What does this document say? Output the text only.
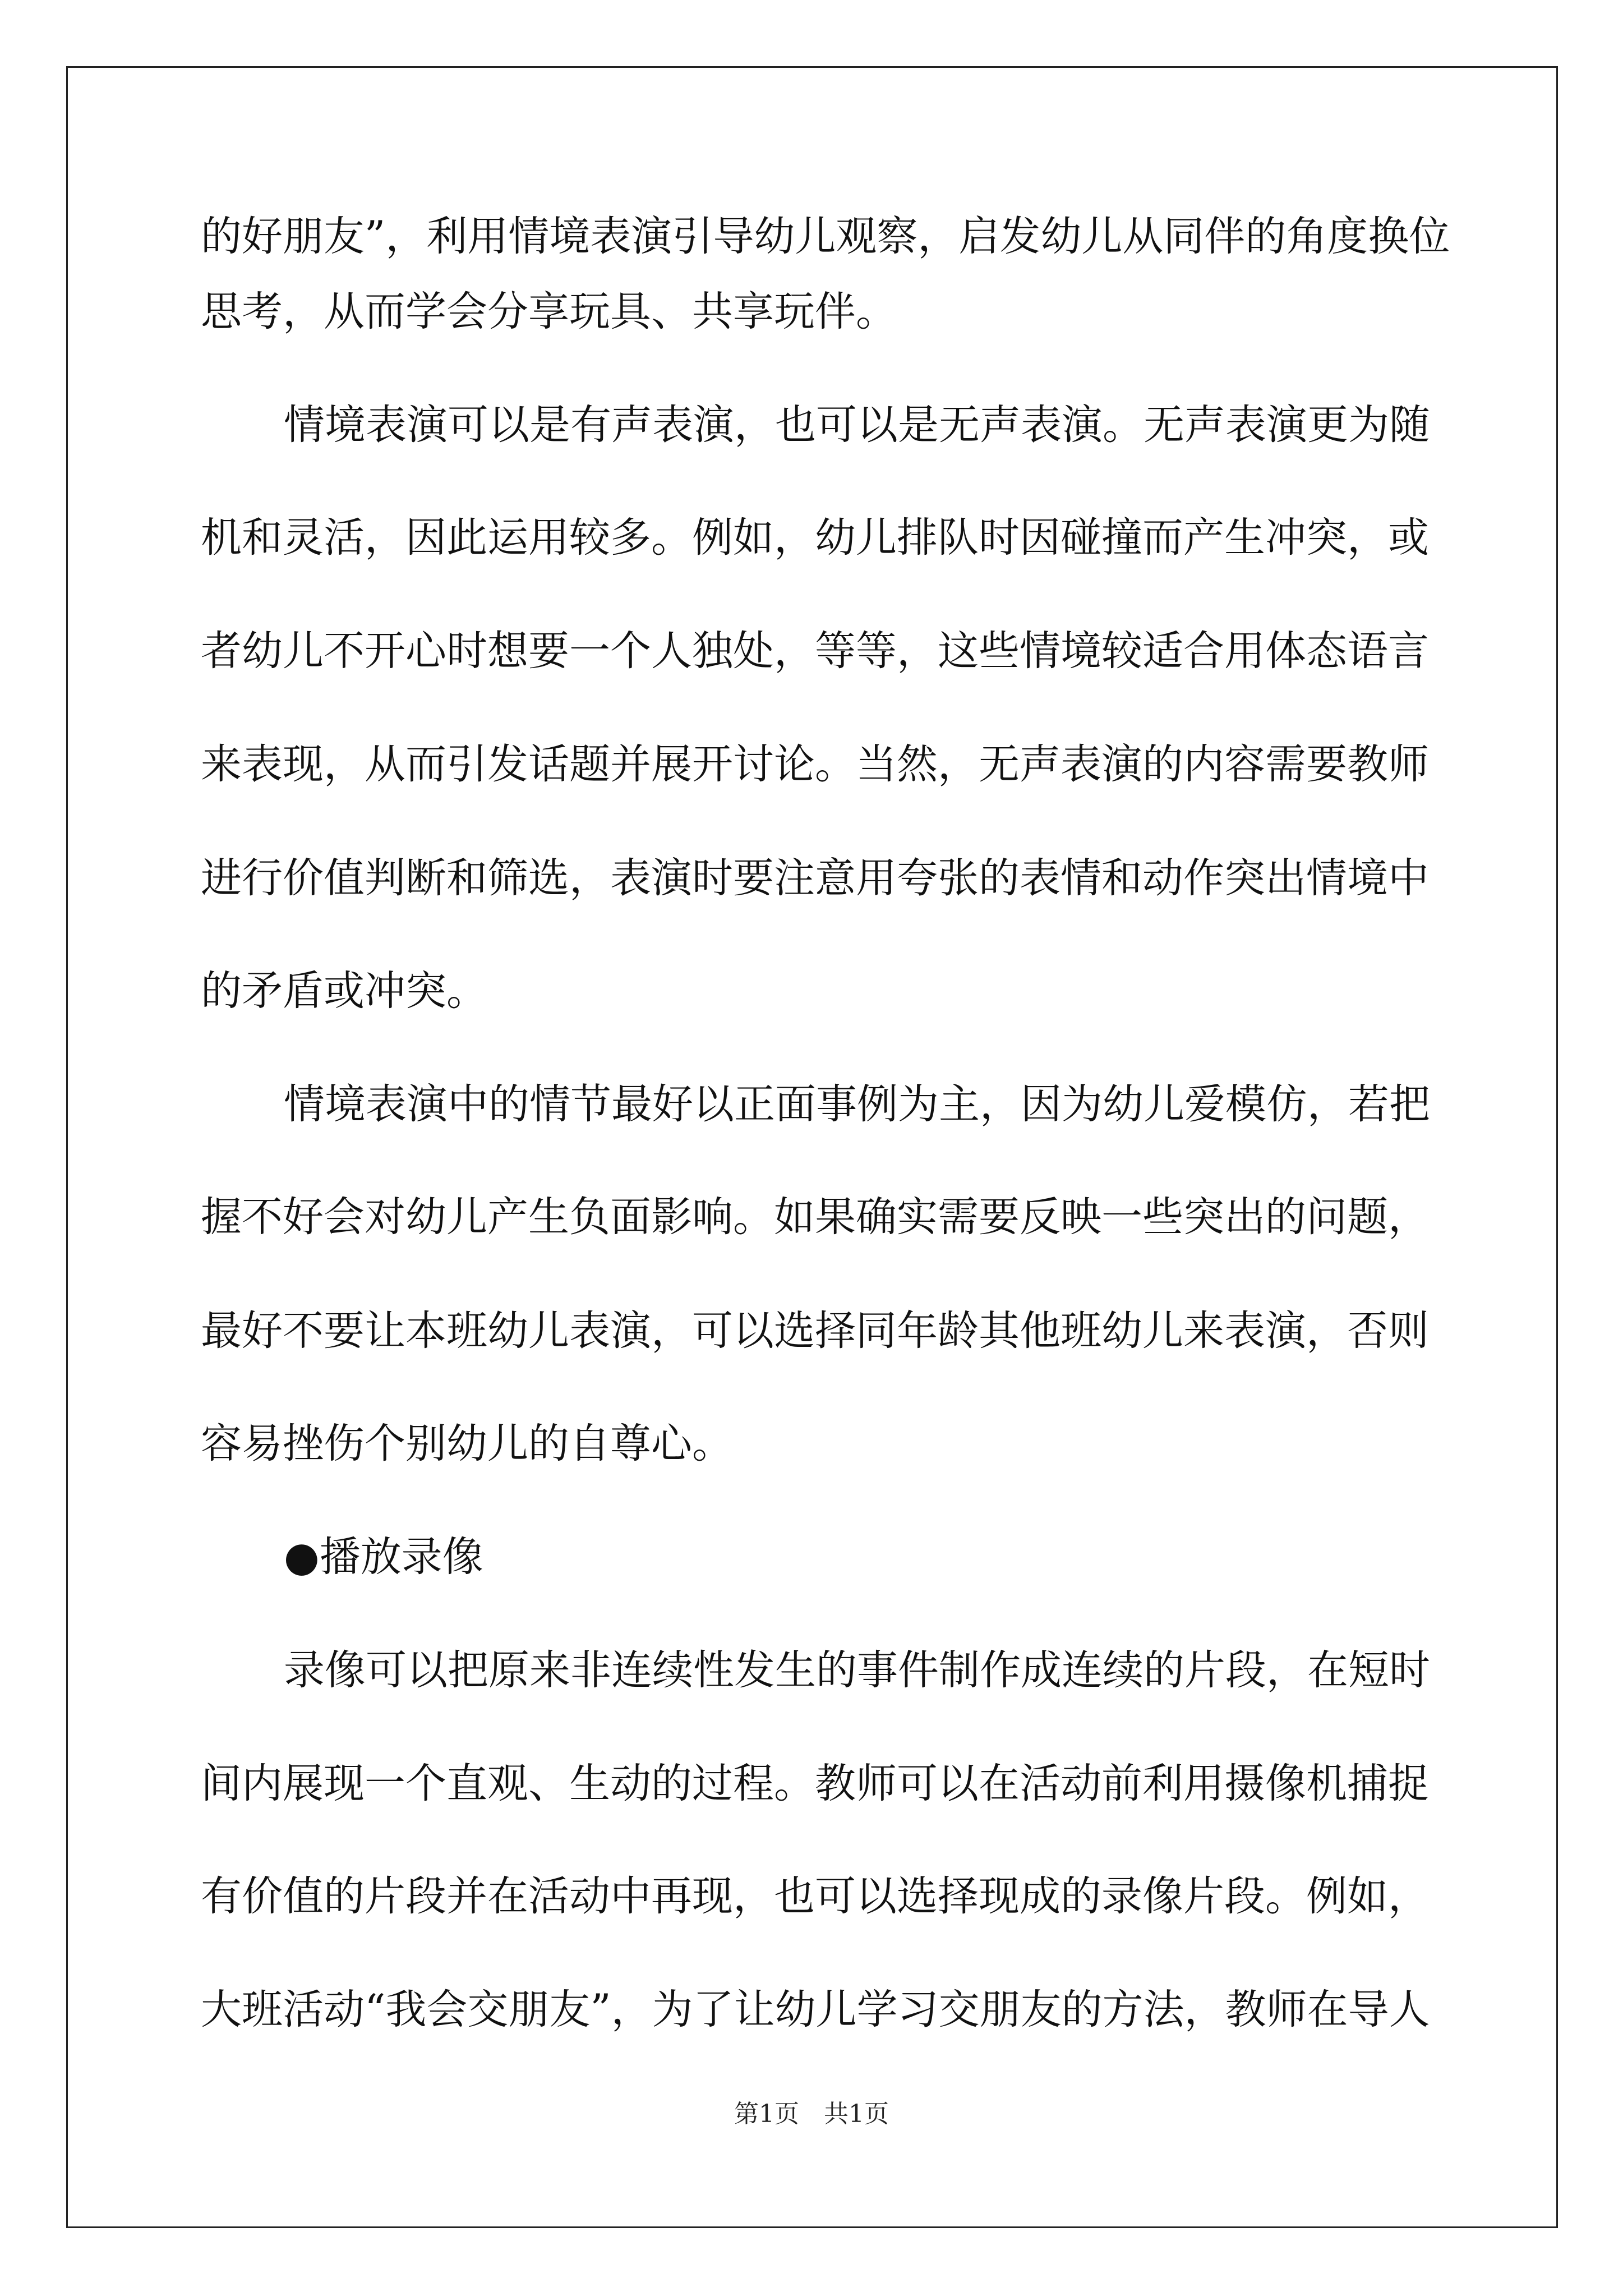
的好朋友”，利用情境表演引导幼儿观察，启发幼儿从同伴的角度换位
思考，从而学会分享玩具、共享玩伴。
情境表演可以是有声表演，也可以是无声表演。无声表演更为随
机和灵活，因此运用较多。例如，幼儿排队时因碰撞而产生冲突，或
者幼儿不开心时想要一个人独处，等等，这些情境较适合用体态语言
来表现，从而引发话题并展开讨论。当然，无声表演的内容需要教师
进行价值判断和筛选，表演时要注意用夸张的表情和动作突出情境中
的矛盾或冲突。
情境表演中的情节最好以正面事例为主，因为幼儿爱模仿，若把
握不好会对幼儿产生负面影响。如果确实需要反映一些突出的问题，
最好不要让本班幼儿表演，可以选择同年龄其他班幼儿来表演，否则
容易挫伤个别幼儿的自尊心。
●播放录像
录像可以把原来非连续性发生的事件制作成连续的片段，在短时
间内展现一个直观、生动的过程。教师可以在活动前利用摄像机捕捉
有价值的片段并在活动中再现，也可以选择现成的录像片段。例如，
大班活动“我会交朋友”，为了让幼儿学习交朋友的方法，教师在导人
第1页　共1页
